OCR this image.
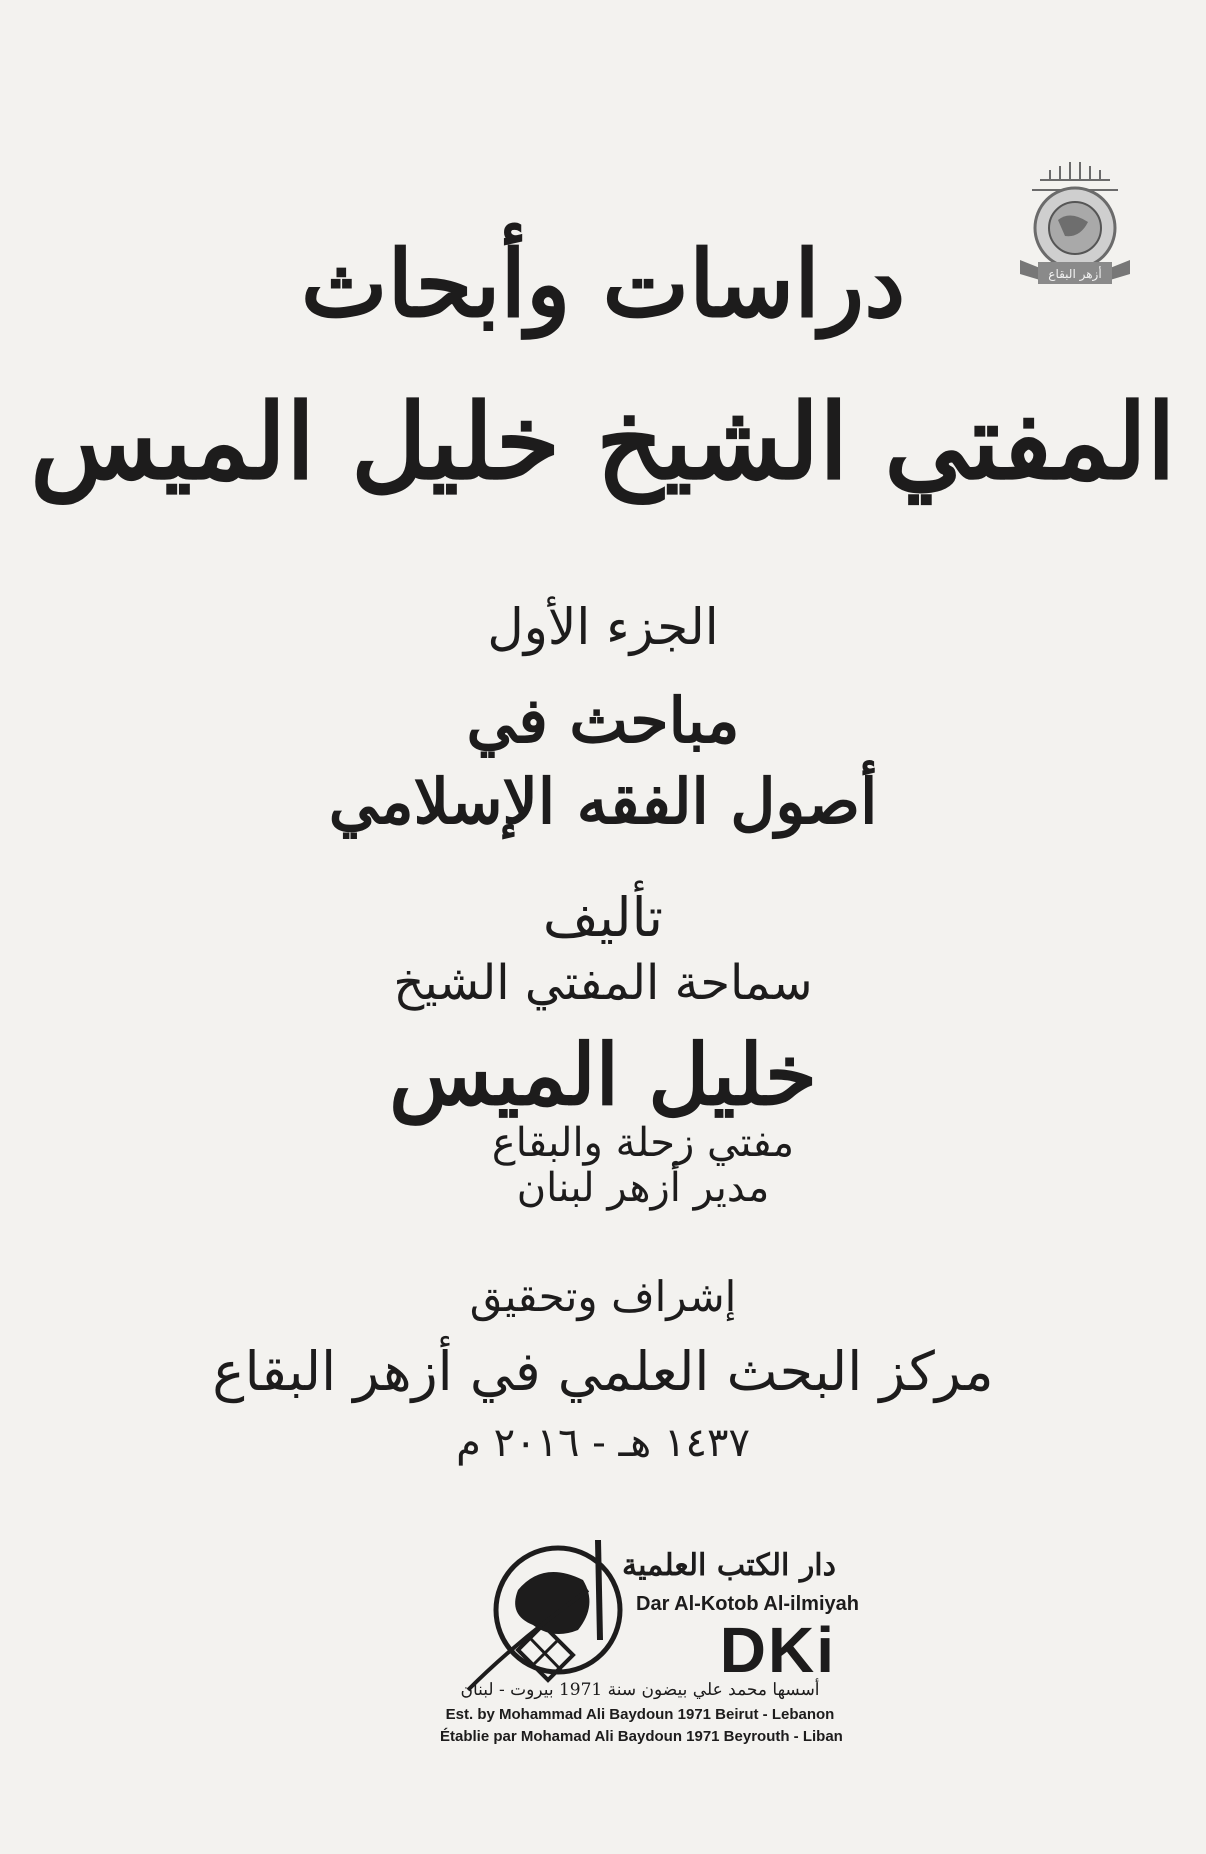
أزهر البقاع
دراسات وأبحاث
المفتي الشيخ خليل الميس
الجزء الأول
مباحث في
أصول الفقه الإسلامي
تأليف
سماحة المفتي الشيخ
خليل الميس
مفتي زحلة والبقاع
مدير أزهر لبنان
إشراف وتحقيق
مركز البحث العلمي في أزهر البقاع
١٤٣٧ هـ - ٢٠١٦ م
دار الكتب العلمية
Dar Al-Kotob Al-ilmiyah
DKi
أسسها محمد علي بيضون سنة 1971 بيروت - لبنان
Est. by Mohammad Ali Baydoun 1971 Beirut - Lebanon
Établie par Mohamad Ali Baydoun 1971 Beyrouth - Liban
